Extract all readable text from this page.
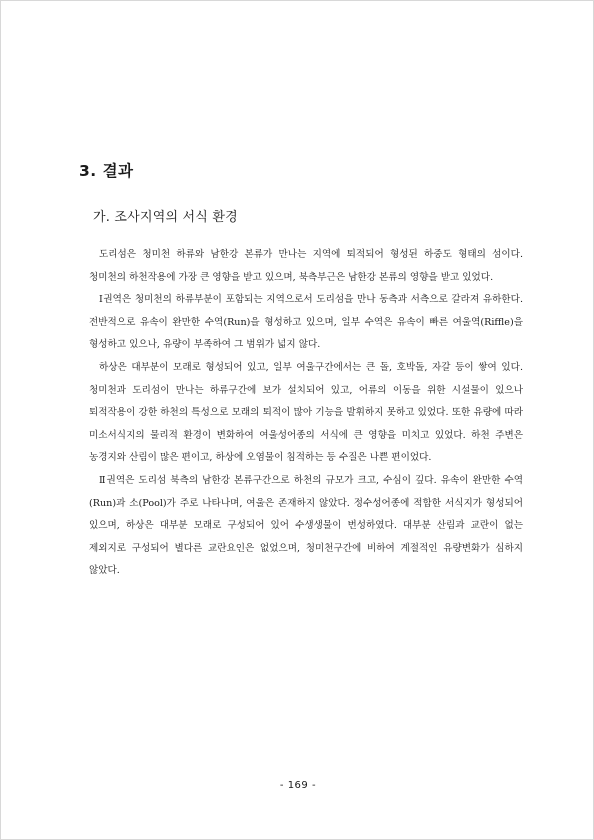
3. 결과
가. 조사지역의 서식 환경

도리섬은 청미천 하류와 남한강 본류가 만나는 지역에 퇴적되어 형성된 하중도 형태의 섬이다. 청미천의 하천작용에 가장 큰 영향을 받고 있으며, 북측부근은 남한강 본류의 영향을 받고 있었다.

Ⅰ권역은 청미천의 하류부분이 포함되는 지역으로서 도리섬을 만나 동측과 서측으로 갈라져 유하한다. 전반적으로 유속이 완만한 수역(Run)을 형성하고 있으며, 일부 수역은 유속이 빠른 여울역(Riffle)을 형성하고 있으나, 유량이 부족하여 그 범위가 넓지 않다.

하상은 대부분이 모래로 형성되어 있고, 일부 여울구간에서는 큰 돌, 호박돌, 자갈 등이 쌓여 있다. 청미천과 도리섬이 만나는 하류구간에 보가 설치되어 있고, 어류의 이동을 위한 시설물이 있으나 퇴적작용이 강한 하천의 특성으로 모래의 퇴적이 많아 기능을 발휘하지 못하고 있었다. 또한 유량에 따라 미소서식지의 물리적 환경이 변화하여 여울성어종의 서식에 큰 영향을 미치고 있었다. 하천 주변은 농경지와 산림이 많은 편이고, 하상에 오염물이 침적하는 등 수질은 나쁜 편이었다.

Ⅱ권역은 도리섬 북측의 남한강 본류구간으로 하천의 규모가 크고, 수심이 깊다. 유속이 완만한 수역(Run)과 소(Pool)가 주로 나타나며, 여울은 존재하지 않았다. 정수성어종에 적합한 서식지가 형성되어 있으며, 하상은 대부분 모래로 구성되어 있어 수생생물이 번성하였다. 대부분 산림과 교란이 없는 제외지로 구성되어 별다른 교란요인은 없었으며, 청미천구간에 비하여 계절적인 유량변화가 심하지 않았다.

- 169 -
